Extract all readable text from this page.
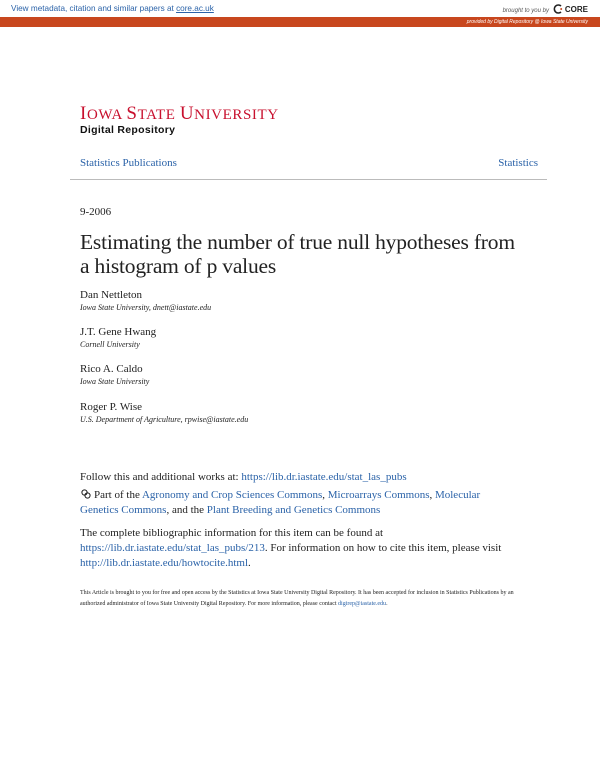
View metadata, citation and similar papers at core.ac.uk	brought to you by CORE
provided by Digital Repository @ Iowa State University
IOWA STATE UNIVERSITY
Digital Repository
Statistics Publications	Statistics
9-2006
Estimating the number of true null hypotheses from a histogram of p values
Dan Nettleton
Iowa State University, dnett@iastate.edu
J.T. Gene Hwang
Cornell University
Rico A. Caldo
Iowa State University
Roger P. Wise
U.S. Department of Agriculture, rpwise@iastate.edu
Follow this and additional works at: https://lib.dr.iastate.edu/stat_las_pubs
Part of the Agronomy and Crop Sciences Commons, Microarrays Commons, Molecular Genetics Commons, and the Plant Breeding and Genetics Commons
The complete bibliographic information for this item can be found at https://lib.dr.iastate.edu/stat_las_pubs/213. For information on how to cite this item, please visit http://lib.dr.iastate.edu/howtocite.html.
This Article is brought to you for free and open access by the Statistics at Iowa State University Digital Repository. It has been accepted for inclusion in Statistics Publications by an authorized administrator of Iowa State University Digital Repository. For more information, please contact digirep@iastate.edu.
